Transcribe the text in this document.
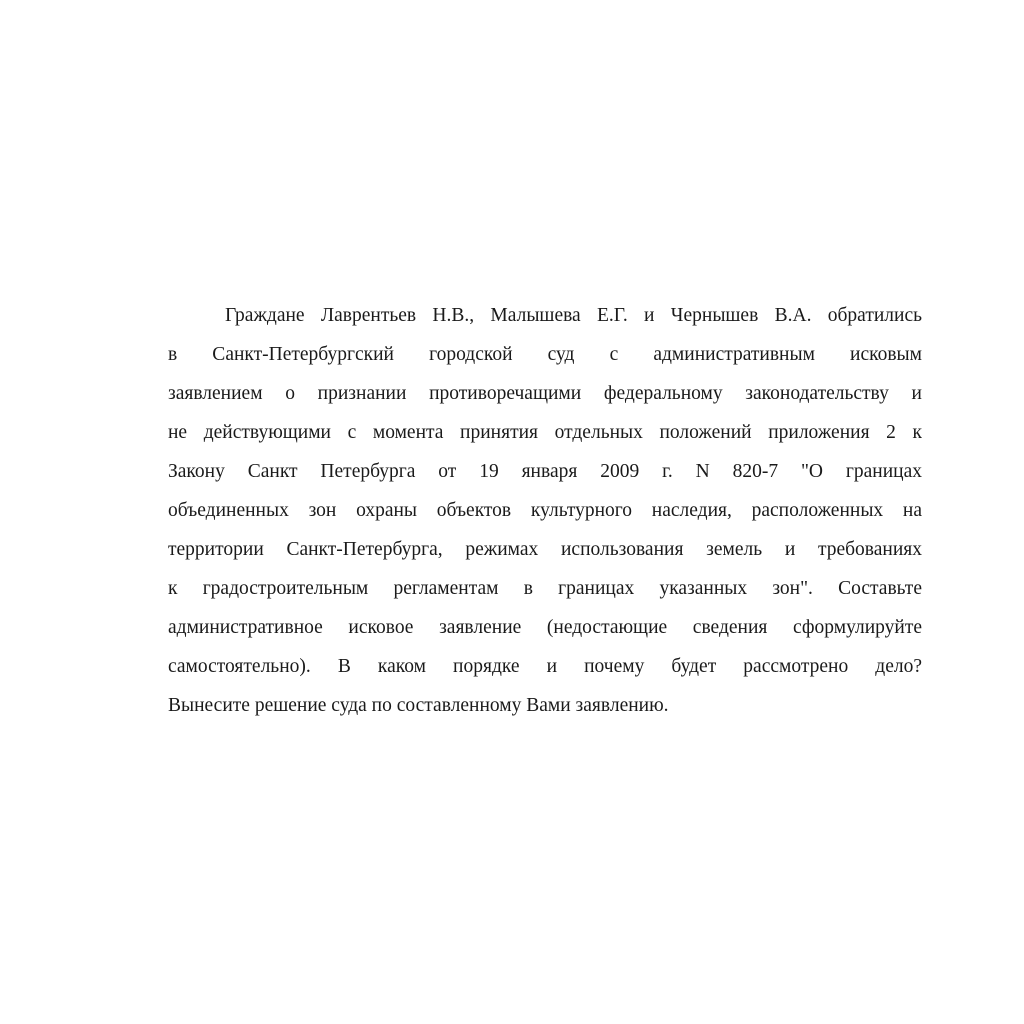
Граждане Лаврентьев Н.В., Малышева Е.Г. и Чернышев В.А. обратились
в Санкт-Петербургский городской суд с административным исковым
заявлением о признании противоречащими федеральному законодательству и
не действующими с момента принятия отдельных положений приложения 2 к
Закону Санкт Петербурга от 19 января 2009 г. N 820-7 "О границах
объединенных зон охраны объектов культурного наследия, расположенных на
территории Санкт-Петербурга, режимах использования земель и требованиях
к градостроительным регламентам в границах указанных зон". Составьте
административное исковое заявление (недостающие сведения сформулируйте
самостоятельно). В каком порядке и почему будет рассмотрено дело?
Вынесите решение суда по составленному Вами заявлению.
